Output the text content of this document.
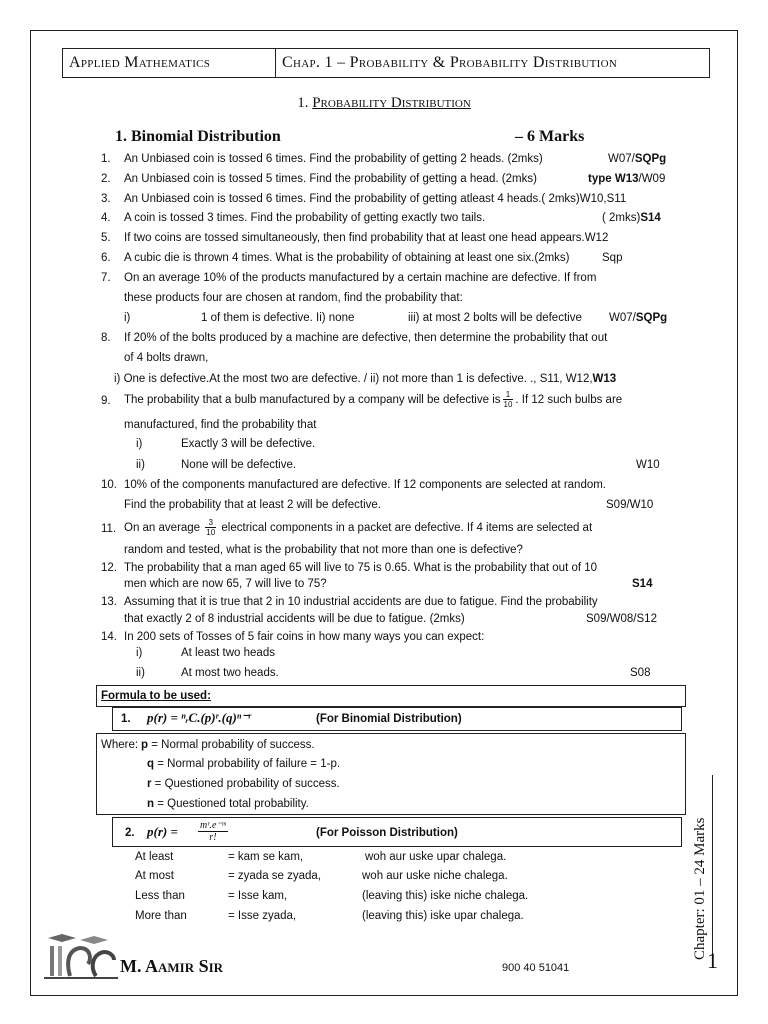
Applied Mathematics	Chap. 1 – Probability & Probability Distribution
1. Probability Distribution
1. Binomial Distribution	– 6 Marks
1. An Unbiased coin is tossed 6 times. Find the probability of getting 2 heads. (2mks)	W07/SQPg
2. An Unbiased coin is tossed 5 times. Find the probability of getting a head. (2mks)	type W13/W09
3. An Unbiased coin is tossed 6 times. Find the probability of getting atleast 4 heads.( 2mks)W10,S11
4. A coin is tossed 3 times. Find the probability of getting exactly two tails.	( 2mks)S14
5. If two coins are tossed simultaneously, then find probability that at least one head appears.W12
6. A cubic die is thrown 4 times. What is the probability of obtaining at least one six.(2mks)	Sqp
7. On an average 10% of the products manufactured by a certain machine are defective. If from
these products four are chosen at random, find the probability that:
i)	1 of them is defective. Ii) none	iii) at most 2 bolts will be defective W07/SQPg
8. If 20% of the bolts produced by a machine are defective, then determine the probability that out
of 4 bolts drawn,
i) One is defective.At the most two are defective. / ii) not more than 1 is defective. ., S11, W12,W13
9. The probability that a bulb manufactured by a company will be defective is $\frac{1}{10}$ . If 12 such bulbs are
manufactured, find the probability that
i)	Exactly 3 will be defective.
ii)	None will be defective.	W10
10. 10% of the components manufactured are defective. If 12 components are selected at random.
Find the probability that at least 2 will be defective.	S09/W10
11. On an average $\frac{3}{10}$ electrical components in a packet are defective. If 4 items are selected at
random and tested, what is the probability that not more than one is defective?
12. The probability that a man aged 65 will live to 75 is 0.65. What is the probability that out of 10
men which are now 65, 7 will live to 75?	S14
13. Assuming that it is true that 2 in 10 industrial accidents are due to fatigue. Find the probability
that exactly 2 of 8 industrial accidents will be due to fatigue. (2mks)	S09/W08/S12
14. In 200 sets of Tosses of 5 fair coins in how many ways you can expect:
i)	At least two heads
ii)	At most two heads.	S08
Formula to be used:
1. p(r) = ⁿᵣC.(p)ʳ.(q)ⁿ⁻ʳ	(For Binomial Distribution)
Where: p = Normal probability of success.
q = Normal probability of failure = 1-p.
r = Questioned probability of success.
n = Questioned total probability.
2. p(r) = mʳ.e⁻ᵐ
r!	(For Poisson Distribution)
At least	= kam se kam,	woh aur uske upar chalega.
At most	= zyada se zyada,	woh aur uske niche chalega.
Less than	= Isse kam,	(leaving this) iske niche chalega.
More than	= Isse zyada,	(leaving this) iske upar chalega.	Chapter: 01 – 24 Marks
1
M. Aamir Sir	900 40 51041
